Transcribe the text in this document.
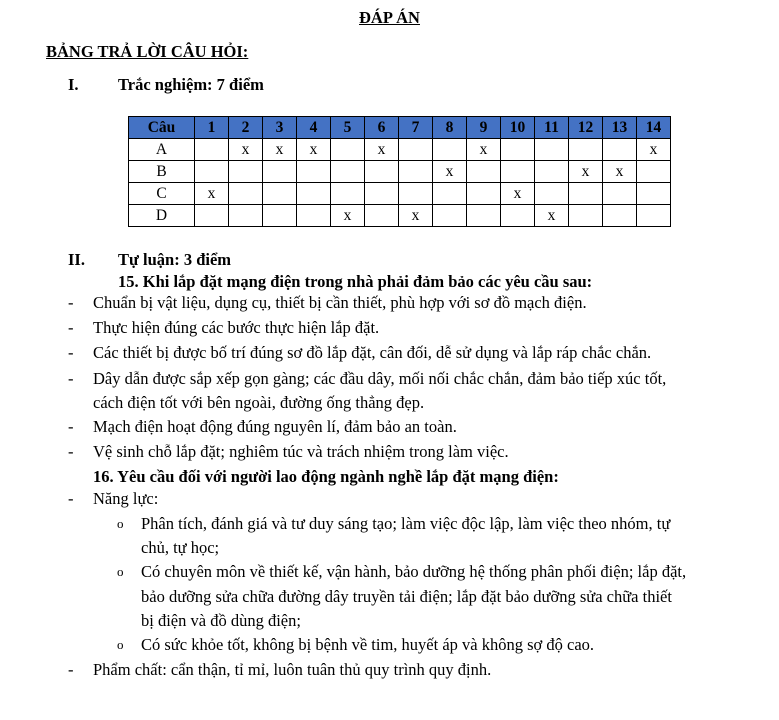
ĐÁP ÁN
BẢNG TRẢ LỜI CÂU HỎI:
I. Trắc nghiệm: 7 điểm
Câu	1	2	3	4	5	6	7	8	9	10	11	12	13	14
A		x	x	x		x			x					x
B								x				x	x	
C	x									x				
D					x		x				x			
II. Tự luận: 3 điểm
15. Khi lắp đặt mạng điện trong nhà phải đảm bảo các yêu cầu sau:
- Chuẩn bị vật liệu, dụng cụ, thiết bị cần thiết, phù hợp với sơ đồ mạch điện.
- Thực hiện đúng các bước thực hiện lắp đặt.
- Các thiết bị được bố trí đúng sơ đồ lắp đặt, cân đối, dễ sử dụng và lắp ráp chắc chắn.
- Dây dẫn được sắp xếp gọn gàng; các đầu dây, mối nối chắc chắn, đảm bảo tiếp xúc tốt,
cách điện tốt với bên ngoài, đường ống thẳng đẹp.
- Mạch điện hoạt động đúng nguyên lí, đảm bảo an toàn.
- Vệ sinh chỗ lắp đặt; nghiêm túc và trách nhiệm trong làm việc.
16. Yêu cầu đối với người lao động ngành nghề lắp đặt mạng điện:
- Năng lực:
o Phân tích, đánh giá và tư duy sáng tạo; làm việc độc lập, làm việc theo nhóm, tự
chủ, tự học;
o Có chuyên môn về thiết kế, vận hành, bảo dưỡng hệ thống phân phối điện; lắp đặt,
bảo dưỡng sửa chữa đường dây truyền tải điện; lắp đặt bảo dưỡng sửa chữa thiết
bị điện và đồ dùng điện;
o Có sức khỏe tốt, không bị bệnh về tim, huyết áp và không sợ độ cao.
- Phẩm chất: cẩn thận, tỉ mỉ, luôn tuân thủ quy trình quy định.
